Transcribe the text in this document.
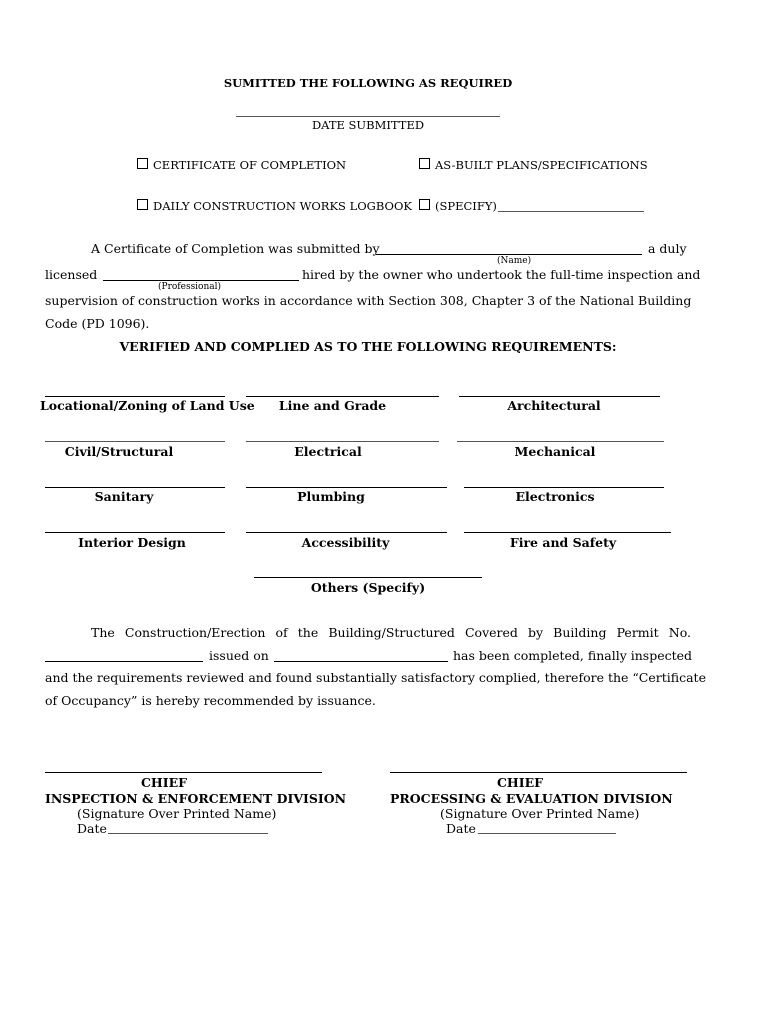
SUMITTED THE FOLLOWING AS REQUIRED
DATE SUBMITTED
CERTIFICATE OF COMPLETION	AS-BUILT PLANS/SPECIFICATIONS
DAILY CONSTRUCTION WORKS LOGBOOK	(SPECIFY)
A Certificate of Completion was submitted by	a duly
(Name)
licensed	hired by the owner who undertook the full-time inspection and
(Professional)
supervision of construction works in accordance with Section 308, Chapter 3 of the National Building
Code (PD 1096).
VERIFIED AND COMPLIED AS TO THE FOLLOWING REQUIREMENTS:
Locational/Zoning of Land Use	Line and Grade	Architectural
Civil/Structural	Electrical	Mechanical
Sanitary	Plumbing	Electronics
Interior Design	Accessibility	Fire and Safety
Others (Specify)
The Construction/Erection of the Building/Structured Covered by Building Permit No.
issued on	has been completed, finally inspected
and the requirements reviewed and found substantially satisfactory complied, therefore the “Certificate
of Occupancy” is hereby recommended by issuance.
CHIEF
INSPECTION & ENFORCEMENT DIVISION
(Signature Over Printed Name)
Date
CHIEF
PROCESSING & EVALUATION DIVISION
(Signature Over Printed Name)
Date
